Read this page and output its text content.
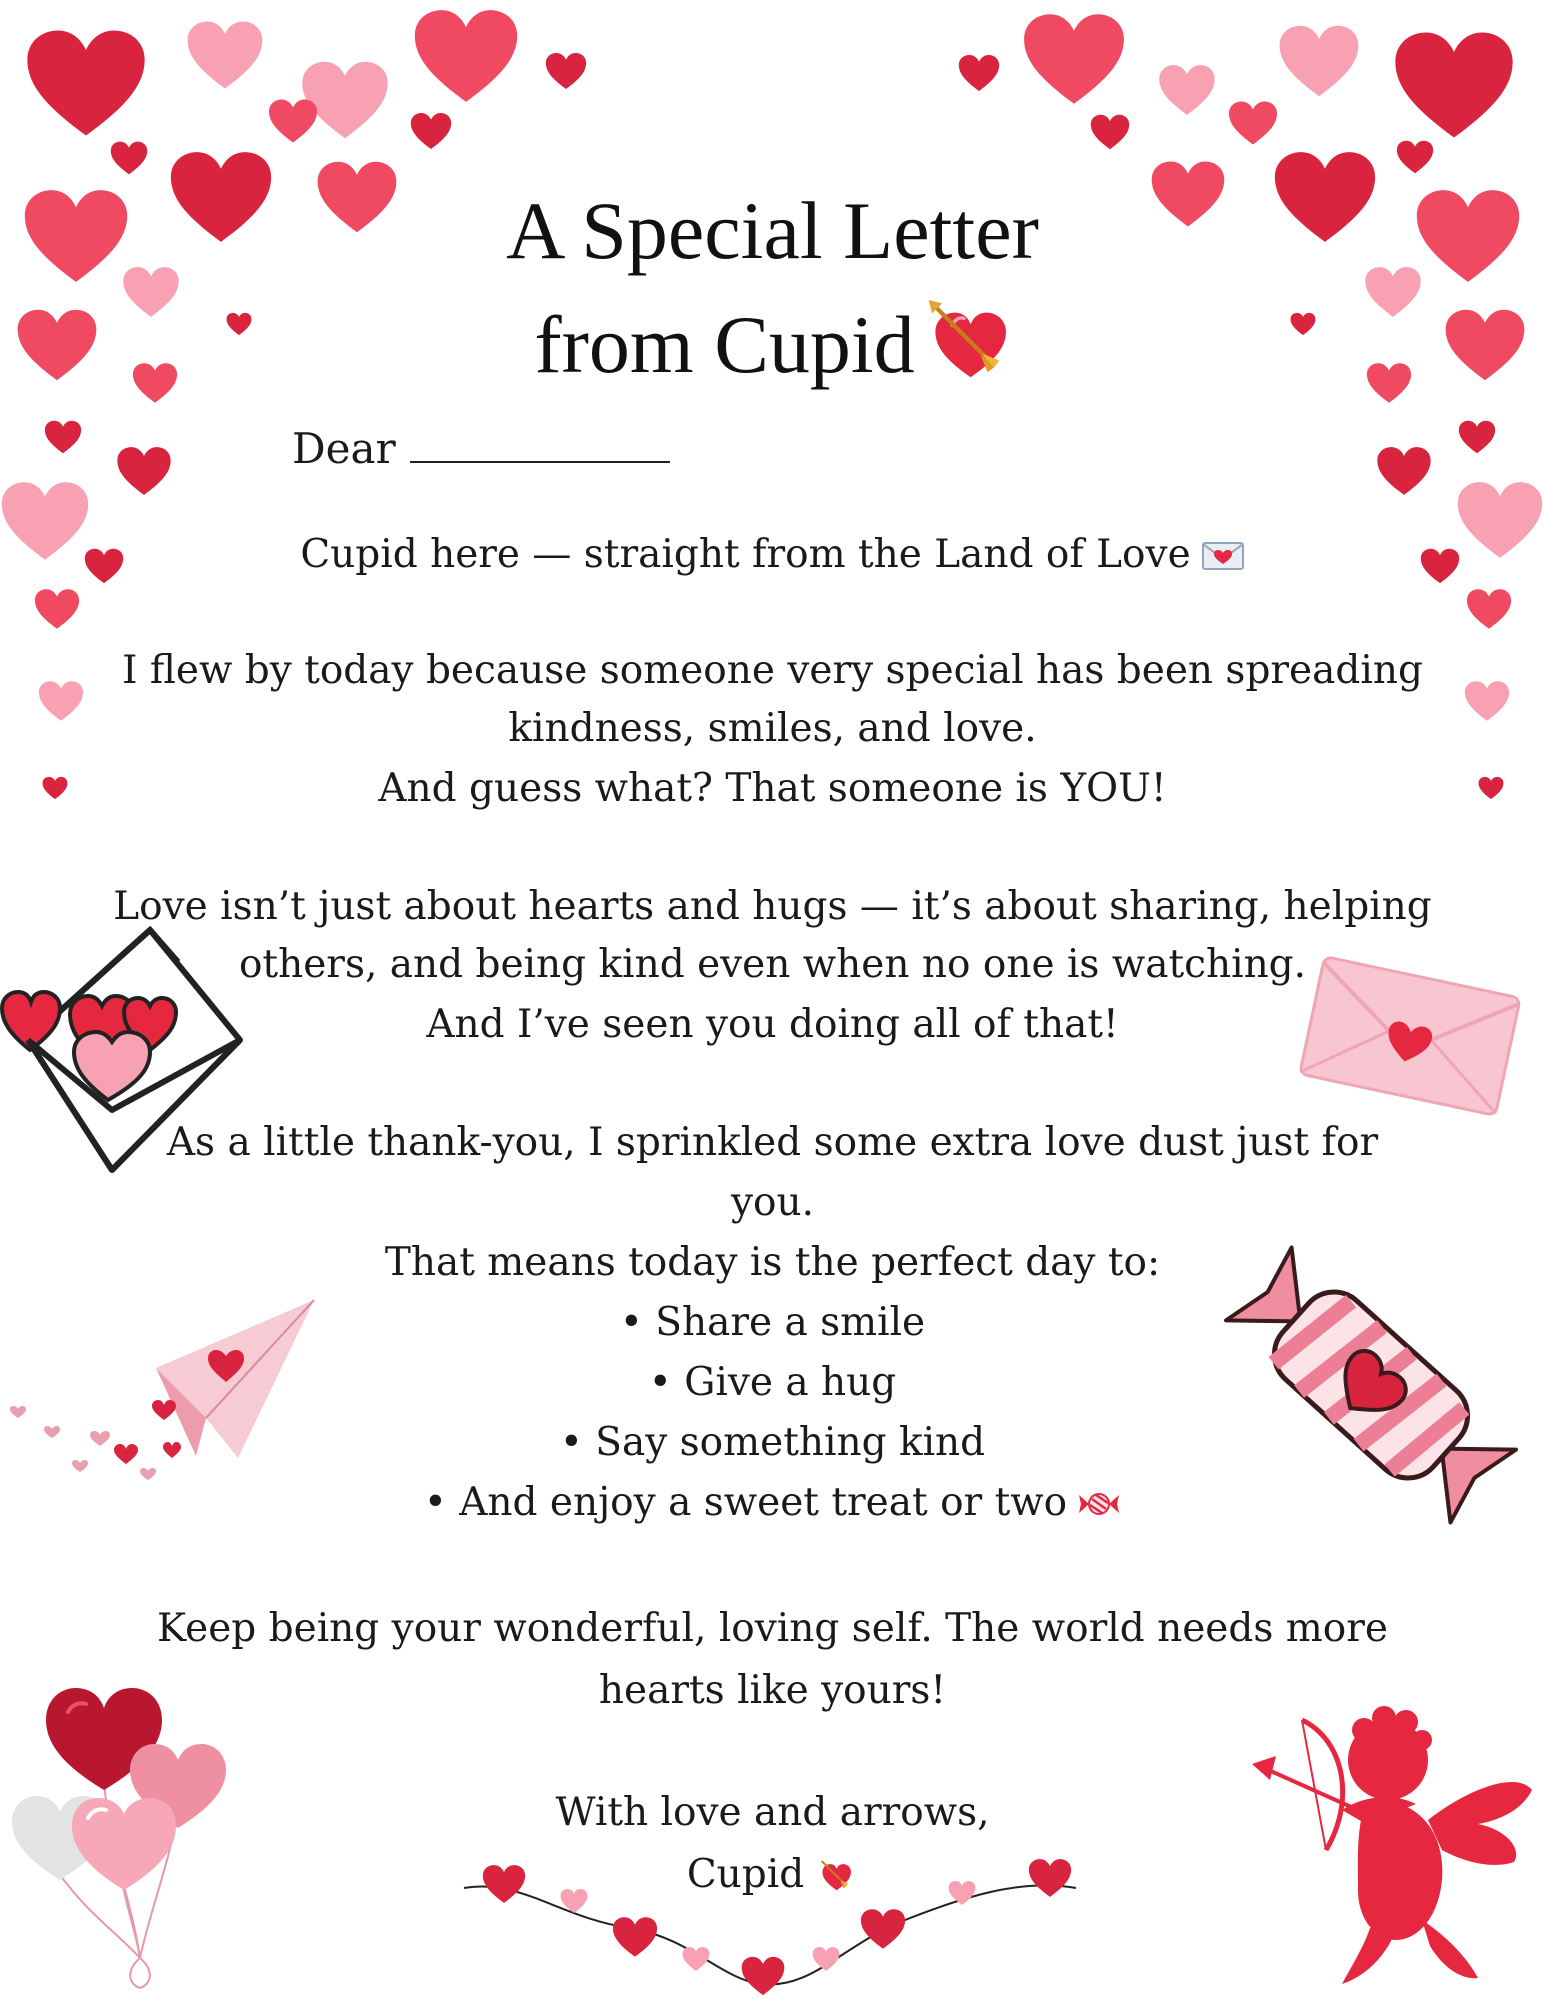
A Special Letter
from Cupid
Dear
Cupid here — straight from the Land of Love
I flew by today because someone very special has been spreading
kindness, smiles, and love.
And guess what? That someone is YOU!
Love isn’t just about hearts and hugs — it’s about sharing, helping
others, and being kind even when no one is watching.
And I’ve seen you doing all of that!
As a little thank-you, I sprinkled some extra love dust just for
you.
That means today is the perfect day to:
• Share a smile
• Give a hug
• Say something kind
• And enjoy a sweet treat or two
Keep being your wonderful, loving self. The world needs more
hearts like yours!
With love and arrows,
Cupid
